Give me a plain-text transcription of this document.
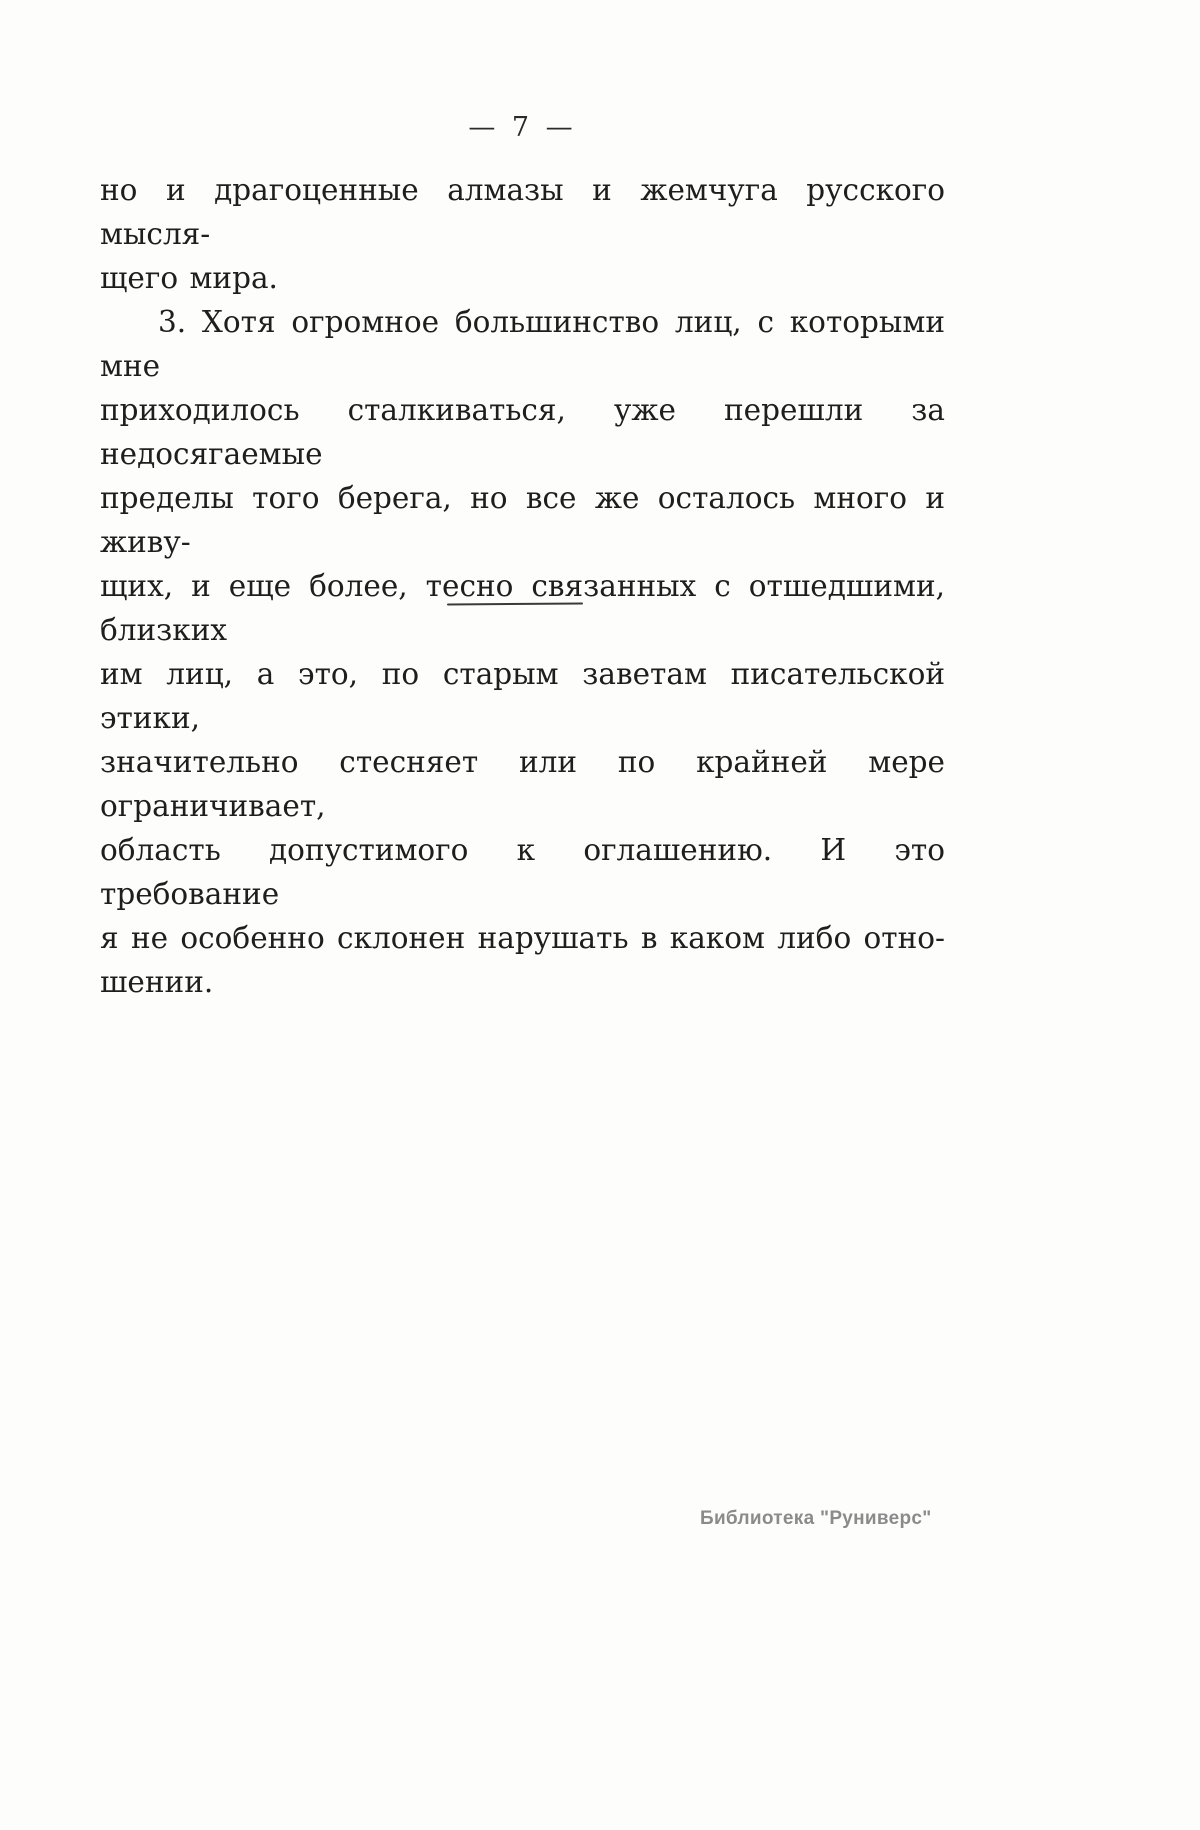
— 7 —

но и драгоценные алмазы и жемчуга русского мысля-
щего мира.

3. Хотя огромное большинство лиц, с которыми мне
приходилось сталкиваться, уже перешли за недосягаемые
пределы того берега, но все же осталось много и живу-
щих, и еще более, тесно связанных с отшедшими, близких
им лиц, а это, по старым заветам писательской этики,
значительно стесняет или по крайней мере ограничивает,
область допустимого к оглашению. И это требование
я не особенно склонен нарушать в каком либо отно-
шении.

Библиотека "Руниверс"
